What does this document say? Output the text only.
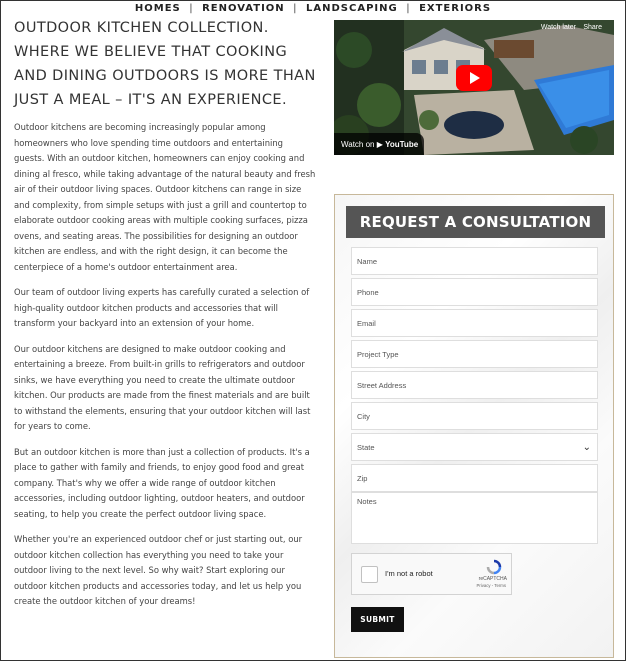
HOMES | RENOVATION | LANDSCAPING | EXTERIORS
OUTDOOR KITCHEN COLLECTION. WHERE WE BELIEVE THAT COOKING AND DINING OUTDOORS IS MORE THAN JUST A MEAL – IT'S AN EXPERIENCE.

Outdoor kitchens are becoming increasingly popular among homeowners who love spending time outdoors and entertaining guests. With an outdoor kitchen, homeowners can enjoy cooking and dining al fresco, while taking advantage of the natural beauty and fresh air of their outdoor living spaces. Outdoor kitchens can range in size and complexity, from simple setups with just a grill and countertop to elaborate outdoor cooking areas with multiple cooking surfaces, pizza ovens, and seating areas. The possibilities for designing an outdoor kitchen are endless, and with the right design, it can become the centerpiece of a home's outdoor entertainment area.

Our team of outdoor living experts has carefully curated a selection of high-quality outdoor kitchen products and accessories that will transform your backyard into an extension of your home.

Our outdoor kitchens are designed to make outdoor cooking and entertaining a breeze. From built-in grills to refrigerators and outdoor sinks, we have everything you need to create the ultimate outdoor kitchen. Our products are made from the finest materials and are built to withstand the elements, ensuring that your outdoor kitchen will last for years to come.

But an outdoor kitchen is more than just a collection of products. It's a place to gather with family and friends, to enjoy good food and great company. That's why we offer a wide range of outdoor kitchen accessories, including outdoor lighting, outdoor heaters, and outdoor seating, to help you create the perfect outdoor living space.

Whether you're an experienced outdoor chef or just starting out, our outdoor kitchen collection has everything you need to take your outdoor living to the next level. So why wait? Start exploring our outdoor kitchen products and accessories today, and let us help you create the outdoor kitchen of your dreams!

Watch later Share
Watch on ▶ YouTube
REQUEST A CONSULTATION
Name
Phone
Email
Project Type
Street Address
City
State	⌄
Zip
Notes
I'm not a robot
reCAPTCHA
Privacy - Terms
SUBMIT
